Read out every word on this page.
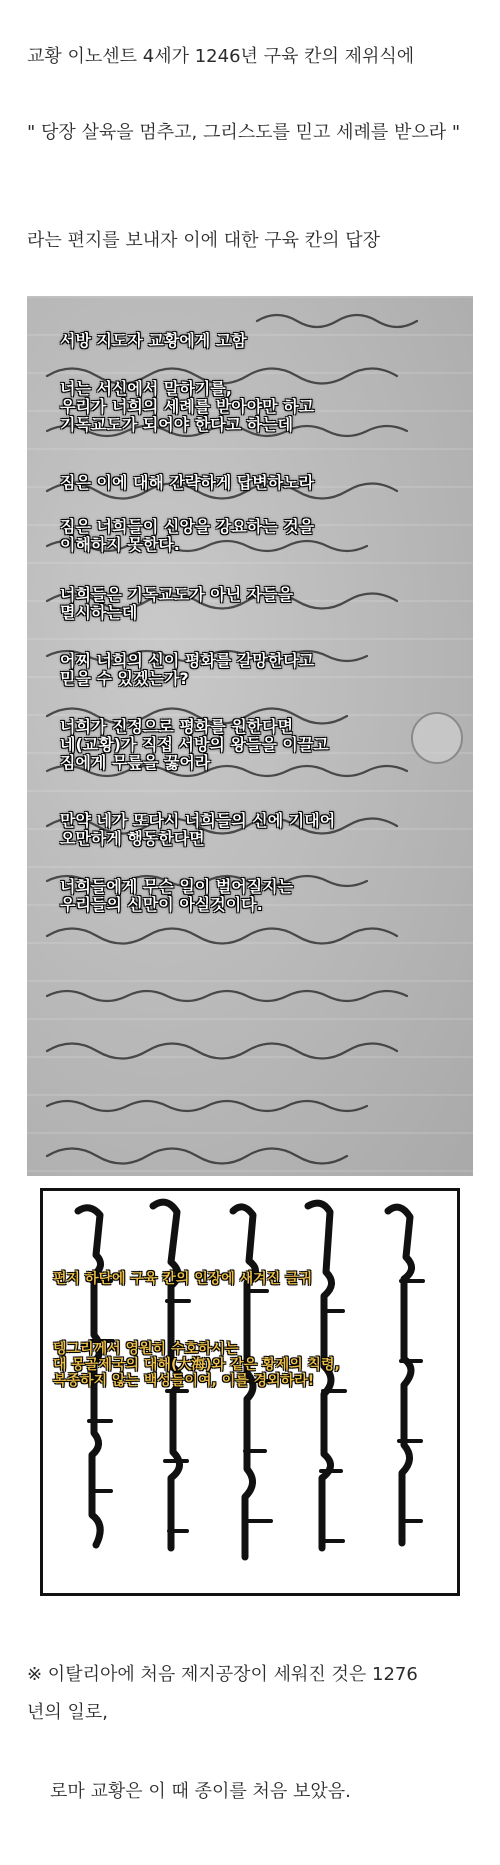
교황 이노센트 4세가 1246년 구육 칸의 제위식에
" 당장 살육을 멈추고, 그리스도를 믿고 세례를 받으라 "
라는 편지를 보내자 이에 대한 구육 칸의 답장
서방 지도자 교황에게 고함
너는 서신에서 말하기를,
우리가 너희의 세례를 받아야만 하고
기독교도가 되어야 한다고 하는데
짐은 이에 대해 간략하게 답변하노라
짐은 너희들이 신앙을 강요하는 것을
이해하지 못한다.
너희들은 기독교도가 아닌 자들을
멸시하는데
어찌 너희의 신이 평화를 갈망한다고
믿을 수 있겠는가?
너희가 진정으로 평화를 원한다면
네(교황)가 직접 서방의 왕들을 이끌고
짐에게 무릎을 꿇어라
만약 네가 또다시 너희들의 신에 기대어
오만하게 행동한다면
너희들에게 무슨 일이 벌어질지는
우리들의 신만이 아실것이다.
편지 하단에 구육 칸의 인장에 새겨진 글귀
텡그리께서 영원히 수호하시는
대 몽골제국의 대해(大海)와 같은 황제의 칙령,
복종하지 않는 백성들이여, 이를 경외하라!
※ 이탈리아에 처음 제지공장이 세워진 것은 1276
년의 일로,
로마 교황은 이 때 종이를 처음 보았음.
